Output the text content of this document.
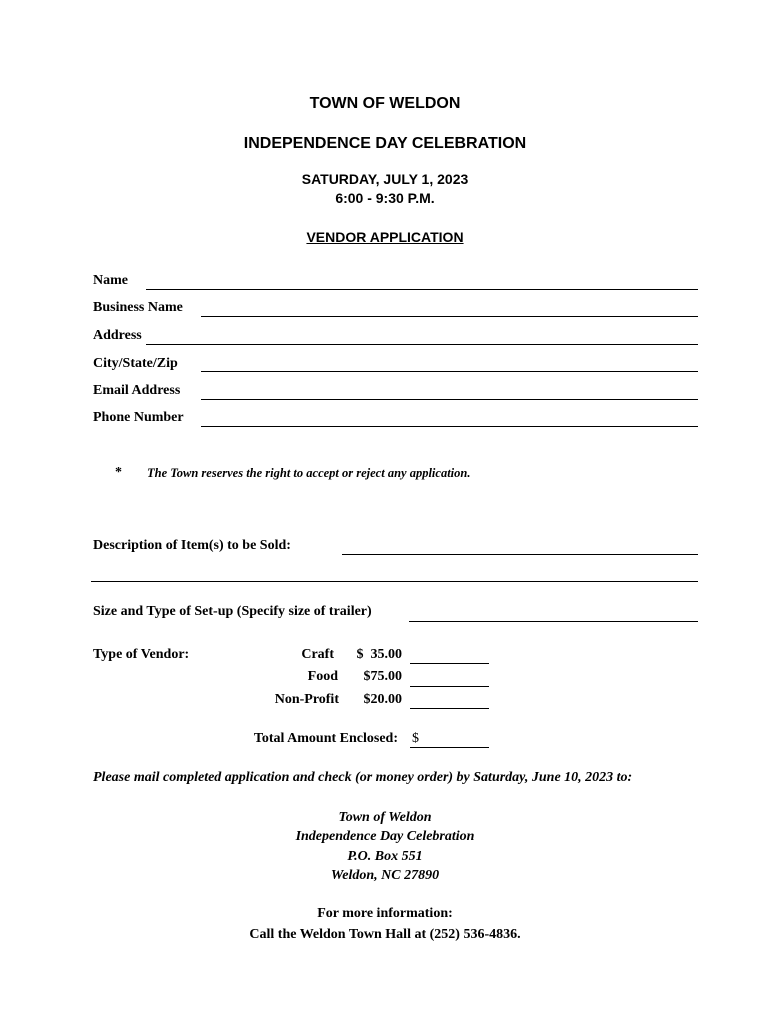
TOWN OF WELDON
INDEPENDENCE DAY CELEBRATION
SATURDAY, JULY 1, 2023
6:00 - 9:30 P.M.
VENDOR APPLICATION
Name
Business Name
Address
City/State/Zip
Email Address
Phone Number
* The Town reserves the right to accept or reject any application.
Description of Item(s) to be Sold:
Size and Type of Set-up (Specify size of trailer)
Type of Vendor:	Craft	$  35.00
Food	$75.00
Non-Profit	$20.00
Total Amount Enclosed: $
Please mail completed application and check (or money order) by Saturday, June 10, 2023 to:
Town of Weldon
Independence Day Celebration
P.O. Box 551
Weldon, NC 27890
For more information:
Call the Weldon Town Hall at (252) 536-4836.
